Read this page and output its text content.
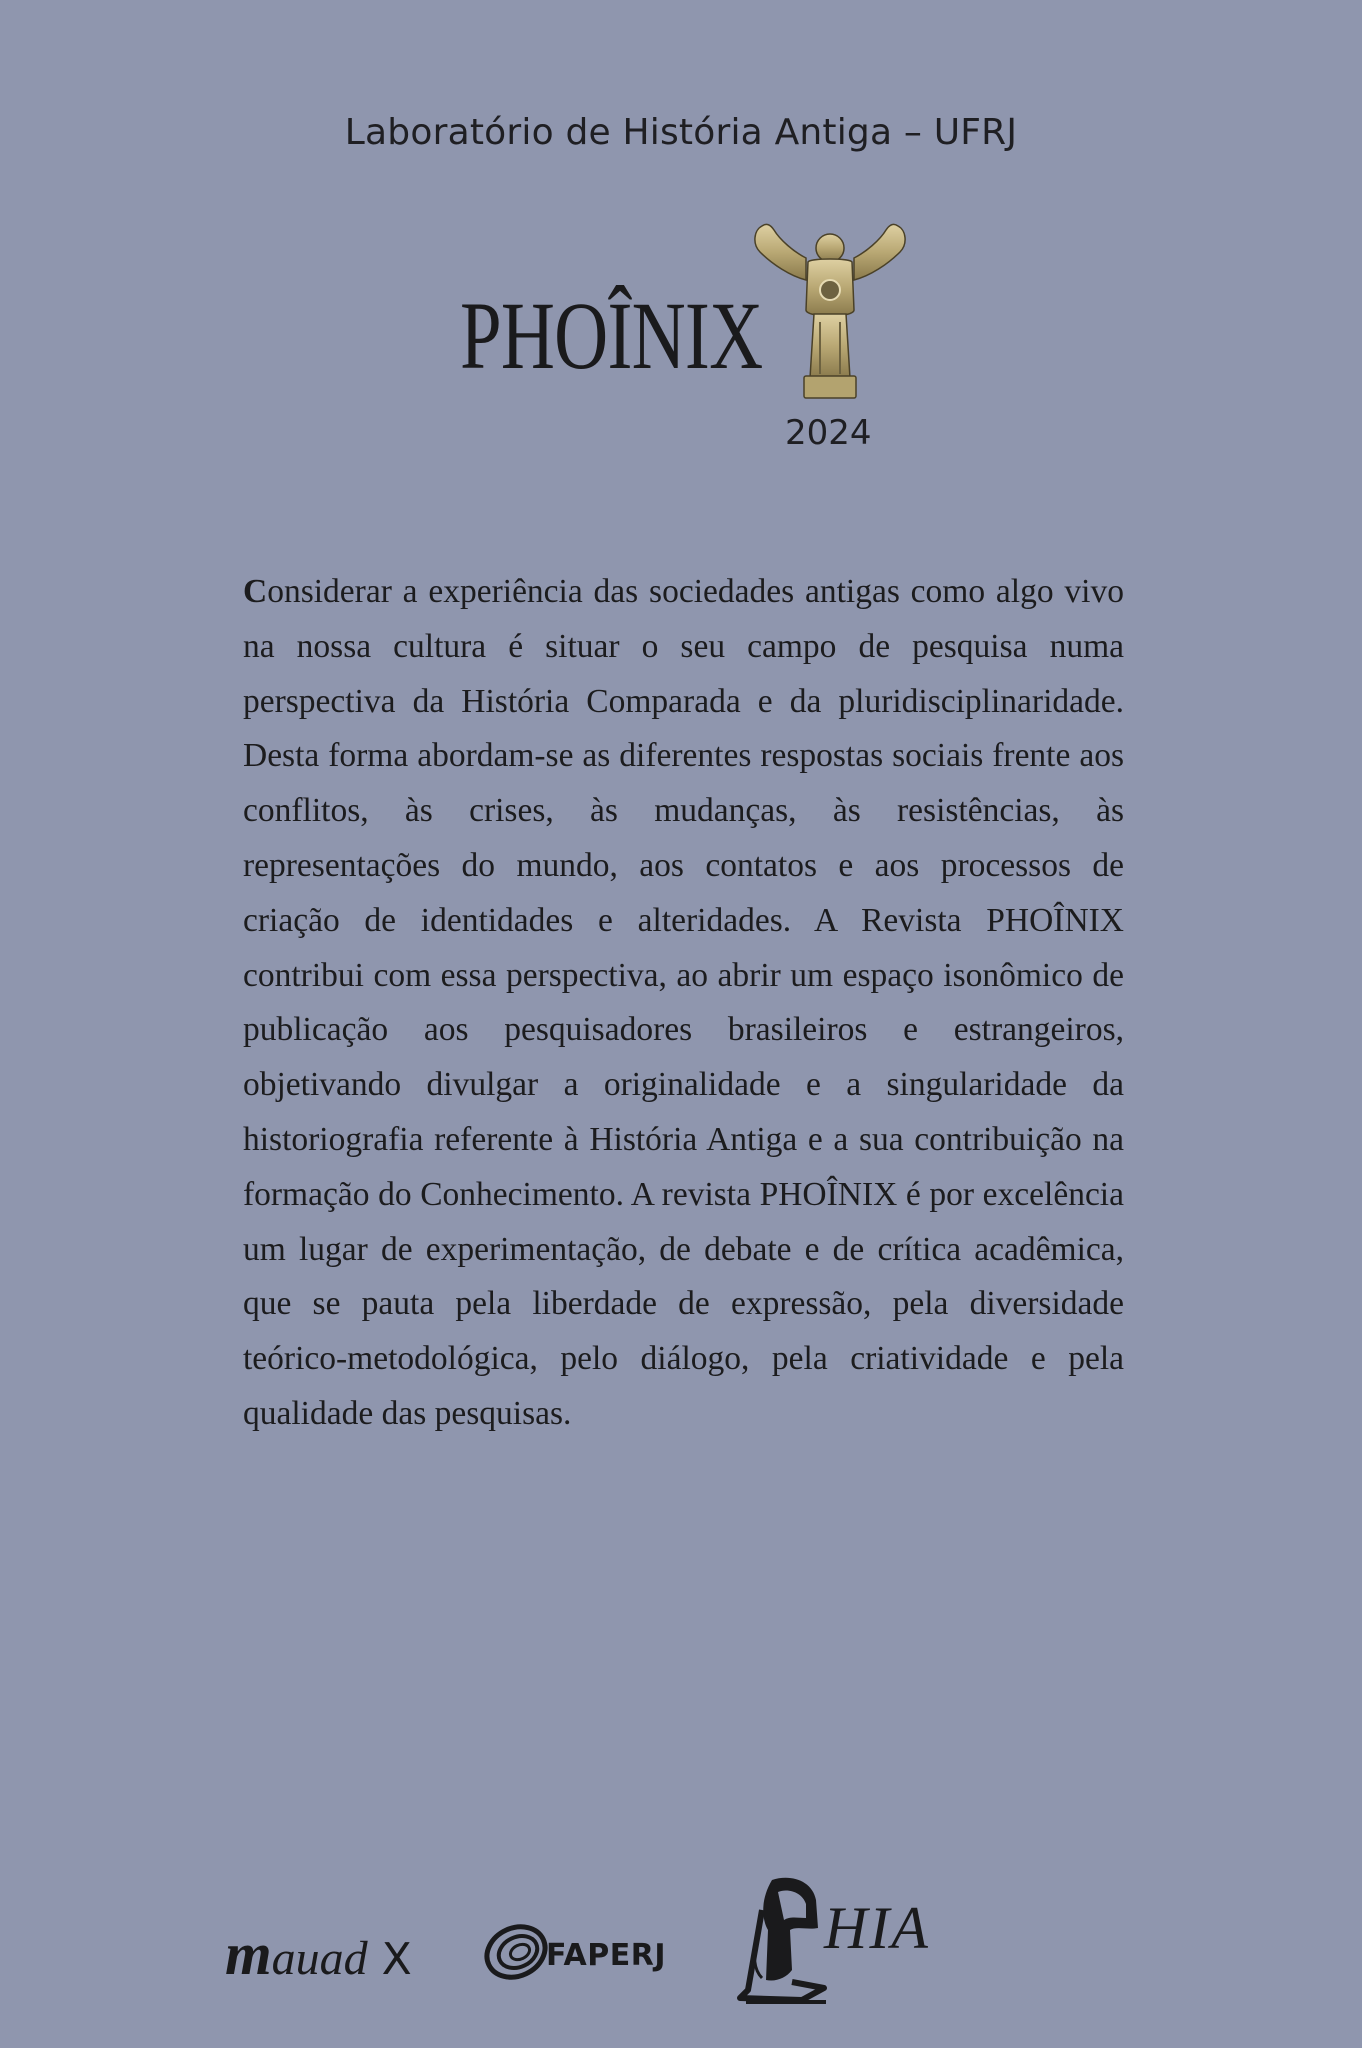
Laboratório de História Antiga – UFRJ
PHOÎNIX
2024

Considerar a experiência das sociedades antigas como algo vivo na nossa cultura é situar o seu campo de pesquisa numa perspectiva da História Comparada e da pluridisciplinaridade. Desta forma abordam-se as diferentes respostas sociais frente aos conflitos, às crises, às mudanças, às resistências, às representações do mundo, aos contatos e aos processos de criação de identidades e alteridades. A Revista PHOÎNIX contribui com essa perspectiva, ao abrir um espaço isonômico de publicação aos pesquisadores brasileiros e estrangeiros, objetivando divulgar a originalidade e a singularidade da historiografia referente à História Antiga e a sua contribuição na formação do Conhecimento. A revista PHOÎNIX é por excelência um lugar de experimentação, de debate e de crítica acadêmica, que se pauta pela liberdade de expressão, pela diversidade teórico-metodológica, pelo diálogo, pela criatividade e pela qualidade das pesquisas.

mauad X	FAPERJ	HIA
